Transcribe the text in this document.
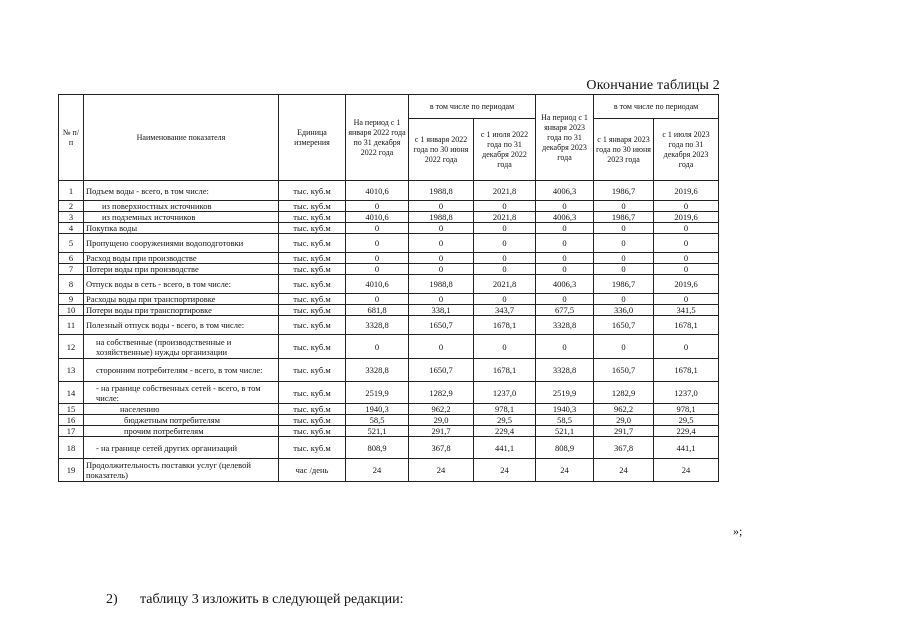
Окончание таблицы 2
№ п/п	Наименование показателя	Единица измерения	На период с 1 января 2022 года по 31 декабря 2022 года	в том числе по периодам		На период с 1 января 2023 года по 31 декабря 2023 года	в том числе по периодам	
				с 1 января 2022 года по 30 июня 2022 года	с 1 июля 2022 года по 31 декабря 2022 года		с 1 января 2023 года по 30 июня 2023 года	с 1 июля 2023 года по 31 декабря 2023 года
1	Подъем воды - всего, в том числе:	тыс. куб.м	4010,6	1988,8	2021,8	4006,3	1986,7	2019,6
2	из поверхностных источников	тыс. куб.м	0	0	0	0	0	0
3	из подземных источников	тыс. куб.м	4010,6	1988,8	2021,8	4006,3	1986,7	2019,6
4	Покупка воды	тыс. куб.м	0	0	0	0	0	0
5	Пропущено сооружениями водоподготовки	тыс. куб.м	0	0	0	0	0	0
6	Расход воды при производстве	тыс. куб.м	0	0	0	0	0	0
7	Потери воды при производстве	тыс. куб.м	0	0	0	0	0	0
8	Отпуск воды в сеть - всего, в том числе:	тыс. куб.м	4010,6	1988,8	2021,8	4006,3	1986,7	2019,6
9	Расходы воды при транспортировке	тыс. куб.м	0	0	0	0	0	0
10	Потери воды при транспортировке	тыс. куб.м	681,8	338,1	343,7	677,5	336,0	341,5
11	Полезный отпуск воды - всего, в том числе:	тыс. куб.м	3328,8	1650,7	1678,1	3328,8	1650,7	1678,1
12	на собственные (производственные и хозяйственные) нужды организации	тыс. куб.м	0	0	0	0	0	0
13	сторонним потребителям - всего, в том числе:	тыс. куб.м	3328,8	1650,7	1678,1	3328,8	1650,7	1678,1
14	- на границе собственных сетей - всего, в том числе:	тыс. куб.м	2519,9	1282,9	1237,0	2519,9	1282,9	1237,0
15	населению	тыс. куб.м	1940,3	962,2	978,1	1940,3	962,2	978,1
16	бюджетным потребителям	тыс. куб.м	58,5	29,0	29,5	58,5	29,0	29,5
17	прочим потребителям	тыс. куб.м	521,1	291,7	229,4	521,1	291,7	229,4
18	- на границе сетей других организаций	тыс. куб.м	808,9	367,8	441,1	808,9	367,8	441,1
19	Продолжительность поставки услуг (целевой показатель)	час /день	24	24	24	24	24	24
»;
2) таблицу 3 изложить в следующей редакции:
